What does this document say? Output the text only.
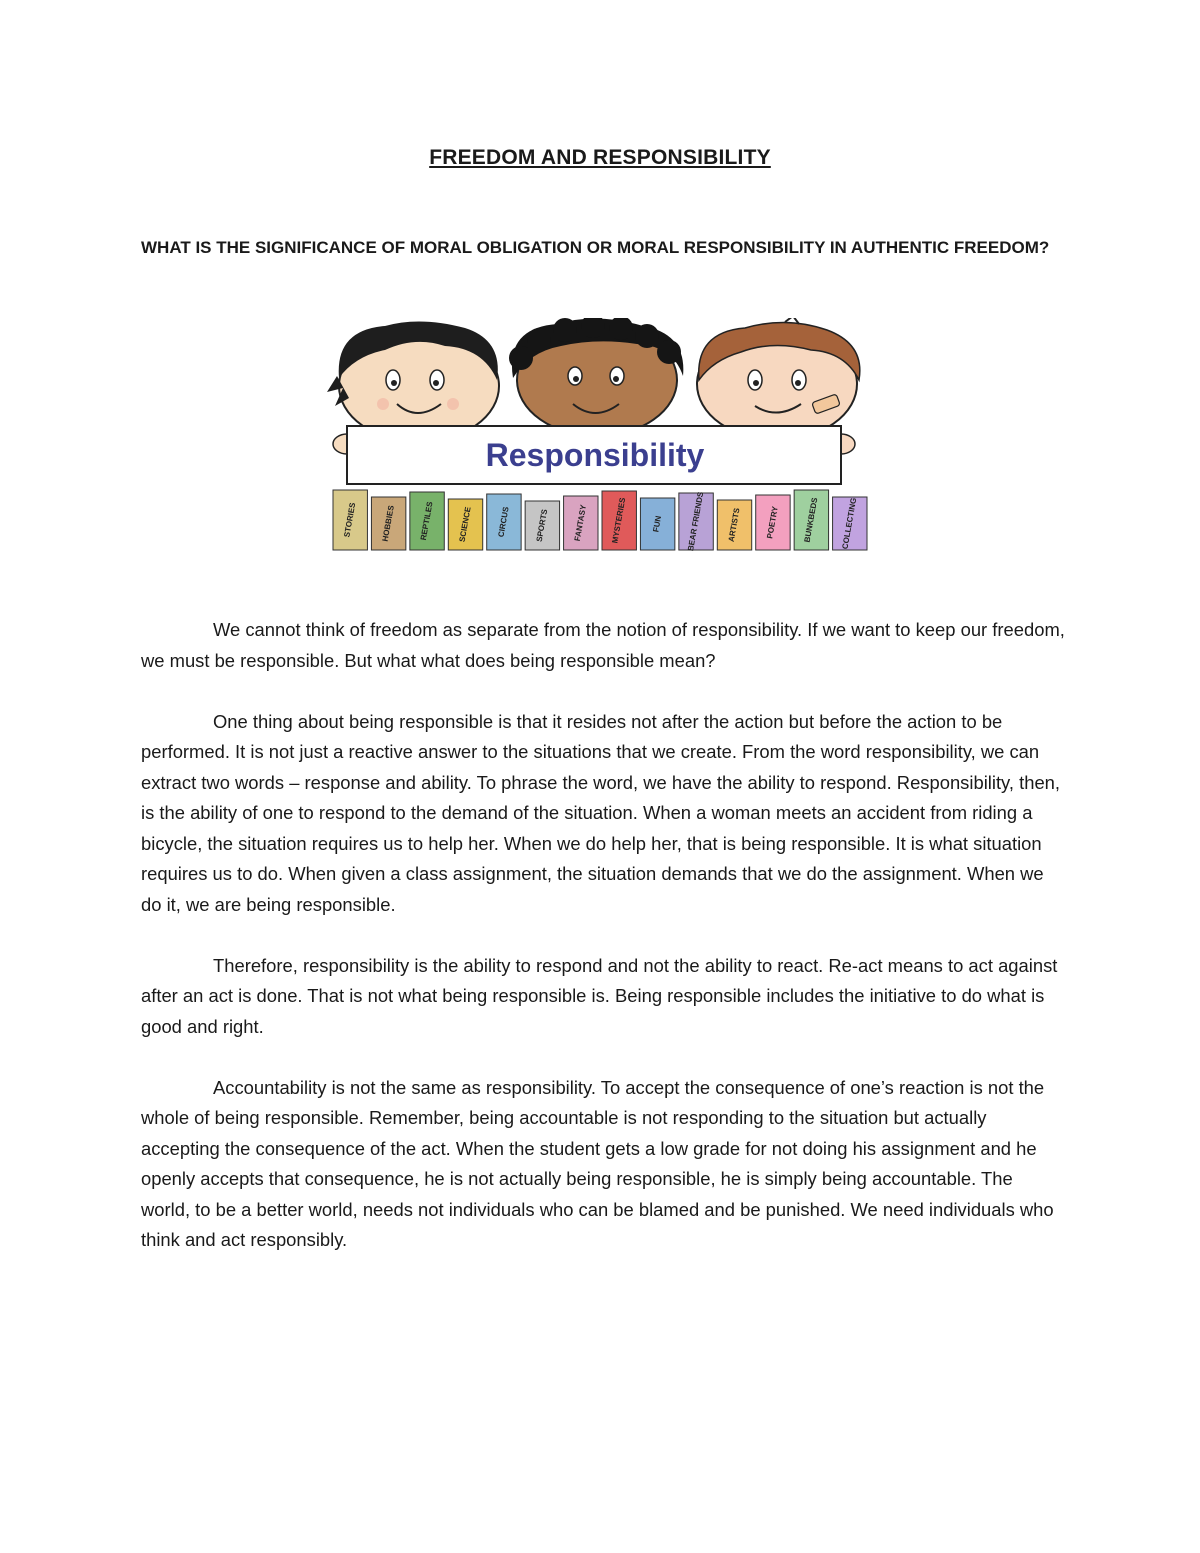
FREEDOM AND RESPONSIBILITY
WHAT IS THE SIGNIFICANCE OF MORAL OBLIGATION OR MORAL RESPONSIBILITY IN AUTHENTIC FREEDOM?
Responsibility
STORIES	HOBBIES	REPTILES	SCIENCE	CIRCUS	SPORTS	FANTASY	MYSTERIES	FUN	BEAR FRIENDS	ARTISTS	POETRY	BUNKBEDS	COLLECTING

We cannot think of freedom as separate from the notion of responsibility. If we want to keep our freedom, we must be responsible. But what what does being responsible mean?

One thing about being responsible is that it resides not after the action but before the action to be performed. It is not just a reactive answer to the situations that we create. From the word responsibility, we can extract two words – response and ability. To phrase the word, we have the ability to respond. Responsibility, then, is the ability of one to respond to the demand of the situation. When a woman meets an accident from riding a bicycle, the situation requires us to help her. When we do help her, that is being responsible. It is what situation requires us to do. When given a class assignment, the situation demands that we do the assignment. When we do it, we are being responsible.

Therefore, responsibility is the ability to respond and not the ability to react. Re-act means to act against after an act is done. That is not what being responsible is. Being responsible includes the initiative to do what is good and right.

Accountability is not the same as responsibility. To accept the consequence of one’s reaction is not the whole of being responsible. Remember, being accountable is not responding to the situation but actually accepting the consequence of the act. When the student gets a low grade for not doing his assignment and he openly accepts that consequence, he is not actually being responsible, he is simply being accountable. The world, to be a better world, needs not individuals who can be blamed and be punished. We need individuals who think and act responsibly.
